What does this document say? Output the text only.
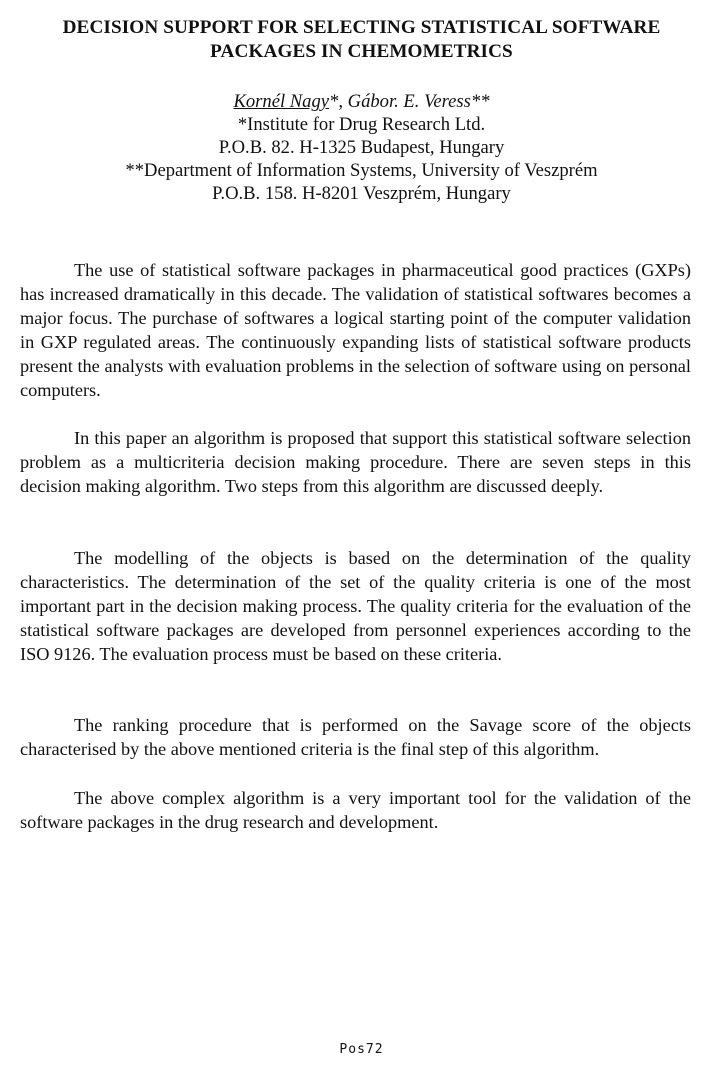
DECISION SUPPORT FOR SELECTING STATISTICAL SOFTWARE
PACKAGES IN CHEMOMETRICS
Kornél Nagy*, Gábor. E. Veress**
*Institute for Drug Research Ltd.
P.O.B. 82. H-1325 Budapest, Hungary
**Department of Information Systems, University of Veszprém
P.O.B. 158. H-8201 Veszprém, Hungary

The use of statistical software packages in pharmaceutical good practices (GXPs) has increased dramatically in this decade. The validation of statistical softwares becomes a major focus. The purchase of softwares a logical starting point of the computer validation in GXP regulated areas. The continuously expanding lists of statistical software products present the analysts with evaluation problems in the selection of software using on personal computers.

In this paper an algorithm is proposed that support this statistical software selection problem as a multicriteria decision making procedure. There are seven steps in this decision making algorithm. Two steps from this algorithm are discussed deeply.

The modelling of the objects is based on the determination of the quality characteristics. The determination of the set of the quality criteria is one of the most important part in the decision making process. The quality criteria for the evaluation of the statistical software packages are developed from personnel experiences according to the ISO 9126. The evaluation process must be based on these criteria.

The ranking procedure that is performed on the Savage score of the objects characterised by the above mentioned criteria is the final step of this algorithm.

The above complex algorithm is a very important tool for the validation of the software packages in the drug research and development.

Pos72
